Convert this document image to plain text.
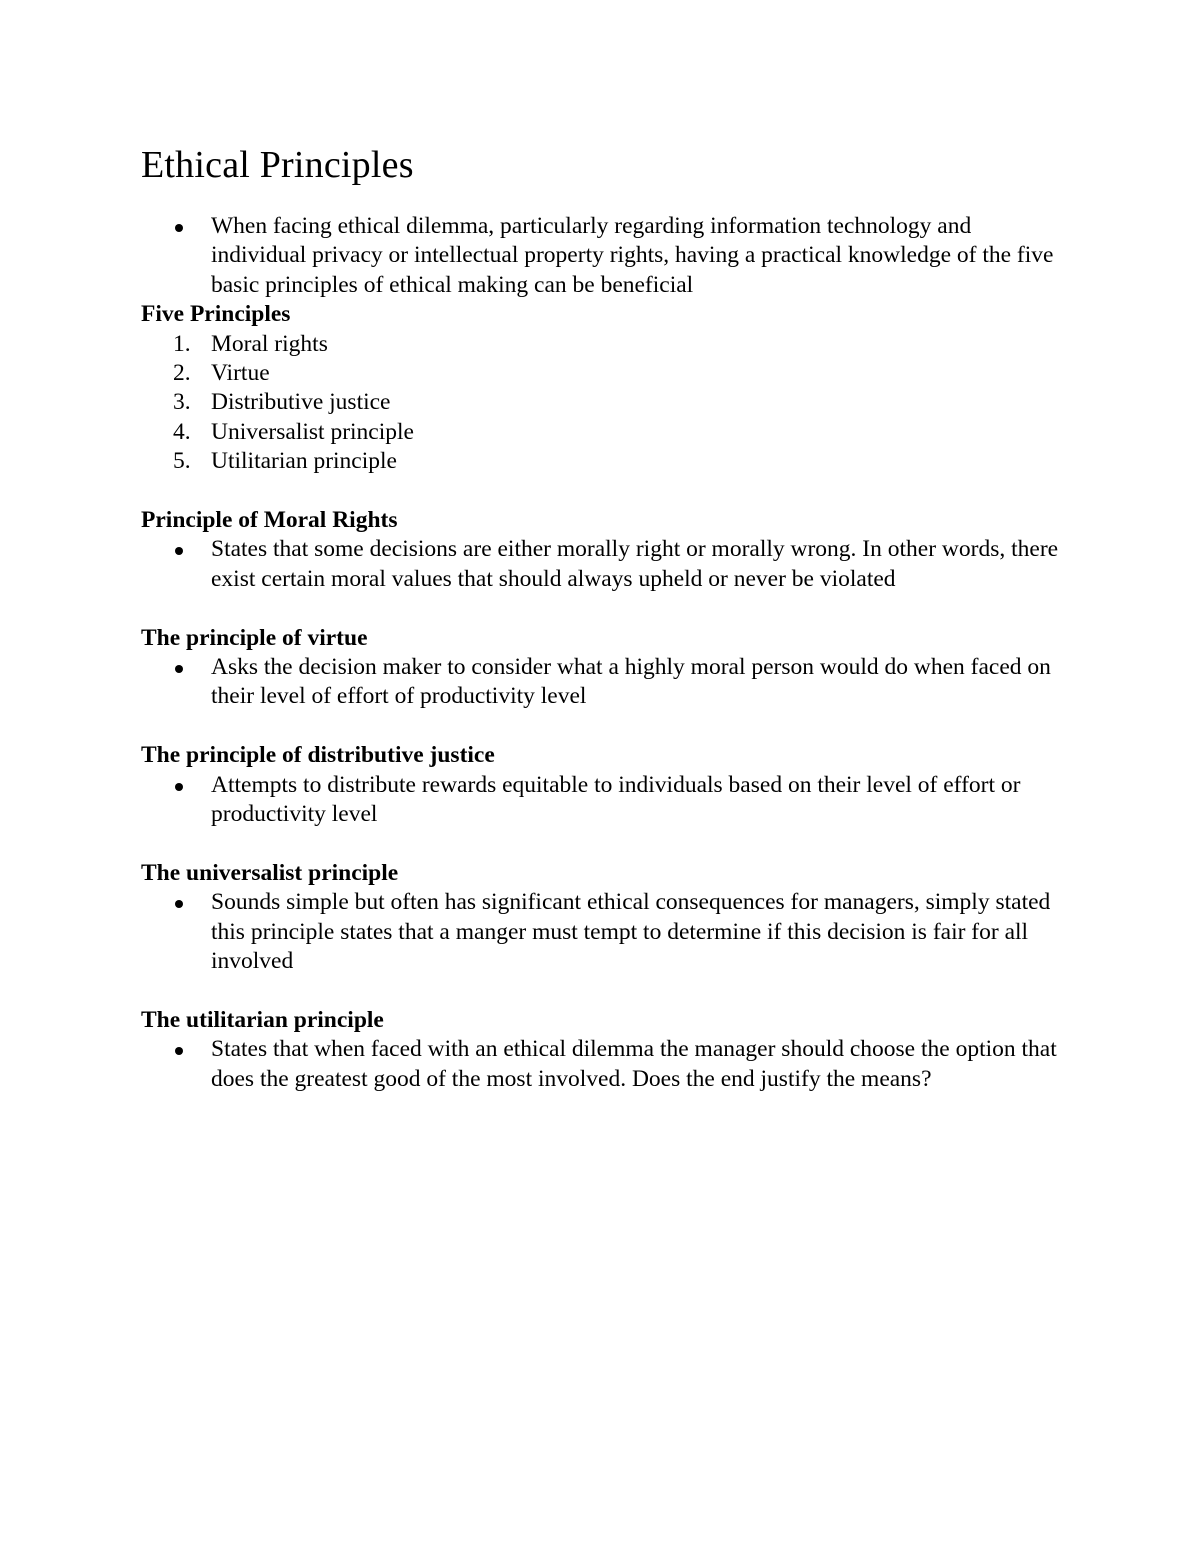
Ethical Principles
When facing ethical dilemma, particularly regarding information technology and individual privacy or intellectual property rights, having a practical knowledge of the five basic principles of ethical making can be beneficial

Five Principles

1. Moral rights
2. Virtue
3. Distributive justice
4. Universalist principle
5. Utilitarian principle

Principle of Moral Rights

States that some decisions are either morally right or morally wrong. In other words, there exist certain moral values that should always upheld or never be violated

The principle of virtue

Asks the decision maker to consider what a highly moral person would do when faced on their level of effort of productivity level

The principle of distributive justice

Attempts to distribute rewards equitable to individuals based on their level of effort or productivity level

The universalist principle

Sounds simple but often has significant ethical consequences for managers, simply stated this principle states that a manger must tempt to determine if this decision is fair for all involved

The utilitarian principle

States that when faced with an ethical dilemma the manager should choose the option that does the greatest good of the most involved. Does the end justify the means?
